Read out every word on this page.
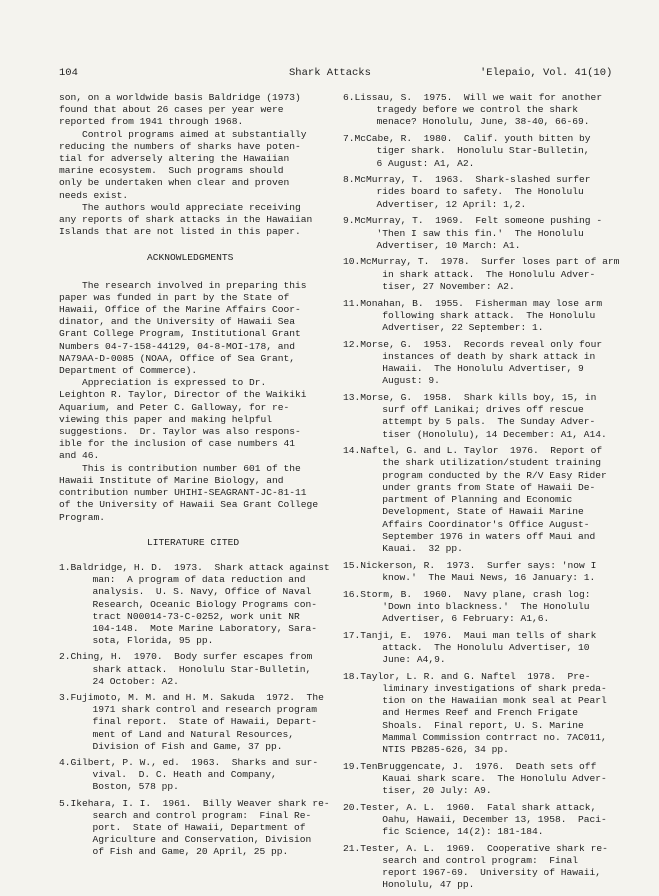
104	Shark Attacks	'Elepaio, Vol. 41(10)
son, on a worldwide basis Baldridge (1973)
found that about 26 cases per year were
reported from 1941 through 1968.
Control programs aimed at substantially
reducing the numbers of sharks have poten-
tial for adversely altering the Hawaiian
marine ecosystem.  Such programs should
only be undertaken when clear and proven
needs exist.
The authors would appreciate receiving
any reports of shark attacks in the Hawaiian
Islands that are not listed in this paper.
ACKNOWLEDGMENTS
The research involved in preparing this
paper was funded in part by the State of
Hawaii, Office of the Marine Affairs Coor-
dinator, and the University of Hawaii Sea
Grant College Program, Institutional Grant
Numbers 04-7-158-44129, 04-8-MOI-178, and
NA79AA-D-0085 (NOAA, Office of Sea Grant,
Department of Commerce).
Appreciation is expressed to Dr.
Leighton R. Taylor, Director of the Waikiki
Aquarium, and Peter C. Galloway, for re-
viewing this paper and making helpful
suggestions.  Dr. Taylor was also respons-
ible for the inclusion of case numbers 41
and 46.
This is contribution number 601 of the
Hawaii Institute of Marine Biology, and
contribution number UHIHI-SEAGRANT-JC-81-11
of the University of Hawaii Sea Grant College
Program.
LITERATURE CITED
1. Baldridge, H. D.  1973.  Shark attack against
man:  A program of data reduction and
analysis.  U. S. Navy, Office of Naval
Research, Oceanic Biology Programs con-
tract N00014-73-C-0252, work unit NR
104-148.  Mote Marine Laboratory, Sara-
sota, Florida, 95 pp.
2. Ching, H.  1970.  Body surfer escapes from
shark attack.  Honolulu Star-Bulletin,
24 October: A2.
3. Fujimoto, M. M. and H. M. Sakuda  1972.  The
1971 shark control and research program
final report.  State of Hawaii, Depart-
ment of Land and Natural Resources,
Division of Fish and Game, 37 pp.
4. Gilbert, P. W., ed.  1963.  Sharks and sur-
vival.  D. C. Heath and Company,
Boston, 578 pp.
5. Ikehara, I. I.  1961.  Billy Weaver shark re-
search and control program:  Final Re-
port.  State of Hawaii, Department of
Agriculture and Conservation, Division
of Fish and Game, 20 April, 25 pp.
6. Lissau, S.  1975.  Will we wait for another
tragedy before we control the shark
menace? Honolulu, June, 38-40, 66-69.
7. McCabe, R.  1980.  Calif. youth bitten by
tiger shark.  Honolulu Star-Bulletin,
6 August: A1, A2.
8. McMurray, T.  1963.  Shark-slashed surfer
rides board to safety.  The Honolulu
Advertiser, 12 April: 1,2.
9. McMurray, T.  1969.  Felt someone pushing -
'Then I saw this fin.'  The Honolulu
Advertiser, 10 March: A1.
10. McMurray, T.  1978.  Surfer loses part of arm
in shark attack.  The Honolulu Adver-
tiser, 27 November: A2.
11. Monahan, B.  1955.  Fisherman may lose arm
following shark attack.  The Honolulu
Advertiser, 22 September: 1.
12. Morse, G.  1953.  Records reveal only four
instances of death by shark attack in
Hawaii.  The Honolulu Advertiser, 9
August: 9.
13. Morse, G.  1958.  Shark kills boy, 15, in
surf off Lanikai; drives off rescue
attempt by 5 pals.  The Sunday Adver-
tiser (Honolulu), 14 December: A1, A14.
14. Naftel, G. and L. Taylor  1976.  Report of
the shark utilization/student training
program conducted by the R/V Easy Rider
under grants from State of Hawaii De-
partment of Planning and Economic
Development, State of Hawaii Marine
Affairs Coordinator's Office August-
September 1976 in waters off Maui and
Kauai.  32 pp.
15. Nickerson, R.  1973.  Surfer says: 'now I
know.'  The Maui News, 16 January: 1.
16. Storm, B.  1960.  Navy plane, crash log:
'Down into blackness.'  The Honolulu
Advertiser, 6 February: A1,6.
17. Tanji, E.  1976.  Maui man tells of shark
attack.  The Honolulu Advertiser, 10
June: A4,9.
18. Taylor, L. R. and G. Naftel  1978.  Pre-
liminary investigations of shark preda-
tion on the Hawaiian monk seal at Pearl
and Hermes Reef and French Frigate
Shoals.  Final report, U. S. Marine
Mammal Commission contrract no. 7AC011,
NTIS PB285-626, 34 pp.
19. TenBruggencate, J.  1976.  Death sets off
Kauai shark scare.  The Honolulu Adver-
tiser, 20 July: A9.
20. Tester, A. L.  1960.  Fatal shark attack,
Oahu, Hawaii, December 13, 1958.  Paci-
fic Science, 14(2): 181-184.
21. Tester, A. L.  1969.  Cooperative shark re-
search and control program:  Final
report 1967-69.  University of Hawaii,
Honolulu, 47 pp.
